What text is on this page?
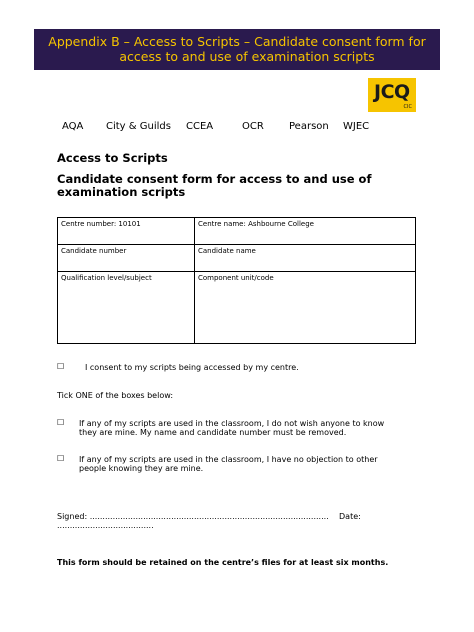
Appendix B – Access to Scripts – Candidate consent form for
access to and use of examination scripts
JCQ
CIC
AQA City & Guilds CCEA	OCR	Pearson WJEC
Access to Scripts
Candidate consent form for access to and use of examination scripts
Centre number: 10101	Centre name: Ashbourne College
Candidate number	Candidate name
Qualification level/subject	Component unit/code
☐	I consent to my scripts being accessed by my centre.
Tick ONE of the boxes below:
☐ If any of my scripts are used in the classroom, I do not wish anyone to know they are mine. My name and candidate number must be removed.
☐ If any of my scripts are used in the classroom, I have no objection to other people knowing they are mine.
Signed: ..............................................................................................	Date:
......................................
This form should be retained on the centre’s files for at least six months.
